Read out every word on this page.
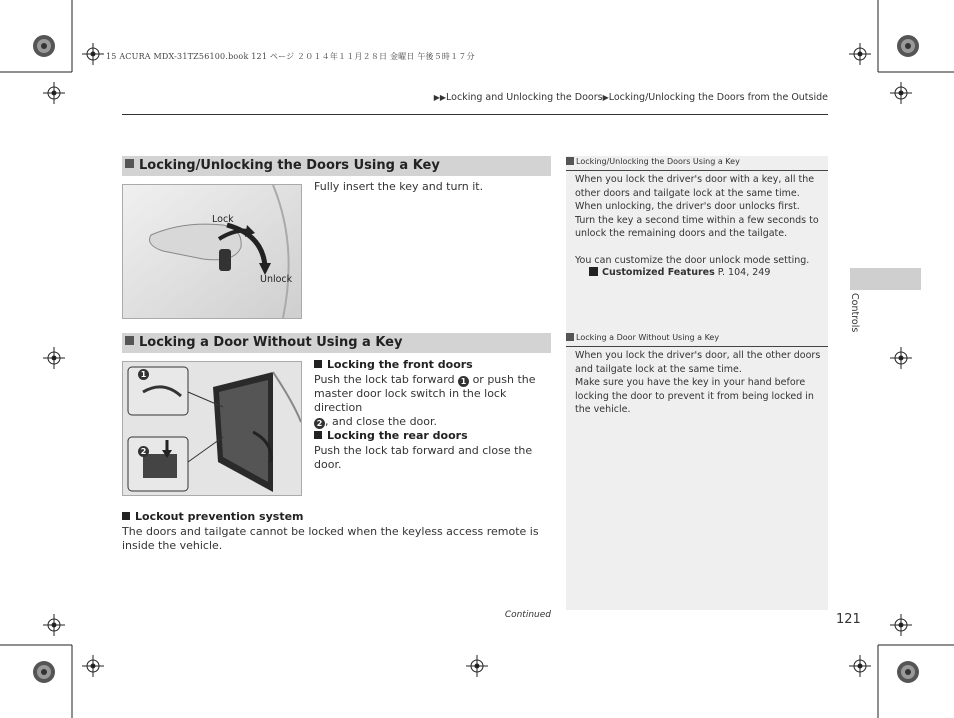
15 ACURA MDX-31TZ56100.book 121 ページ ２０１４年１１月２８日 金曜日 午後５時１７分
▶▶Locking and Unlocking the Doors▶Locking/Unlocking the Doors from the Outside
Locking/Unlocking the Doors Using a Key
Lock
Unlock
Fully insert the key and turn it.
Locking a Door Without Using a Key
1
2
Locking the front doors
Push the lock tab forward 1 or push the
master door lock switch in the lock direction
2 , and close the door.
Locking the rear doors
Push the lock tab forward and close the door.
Lockout prevention system
The doors and tailgate cannot be locked when the keyless access remote is inside the vehicle.
Locking/Unlocking the Doors Using a Key
When you lock the driver's door with a key, all the other doors and tailgate lock at the same time. When unlocking, the driver's door unlocks first. Turn the key a second time within a few seconds to unlock the remaining doors and the tailgate.
You can customize the door unlock mode setting.
Customized Features P. 104, 249
Locking a Door Without Using a Key
When you lock the driver's door, all the other doors and tailgate lock at the same time.
Make sure you have the key in your hand before locking the door to prevent it from being locked in the vehicle.
Controls
Continued	121
